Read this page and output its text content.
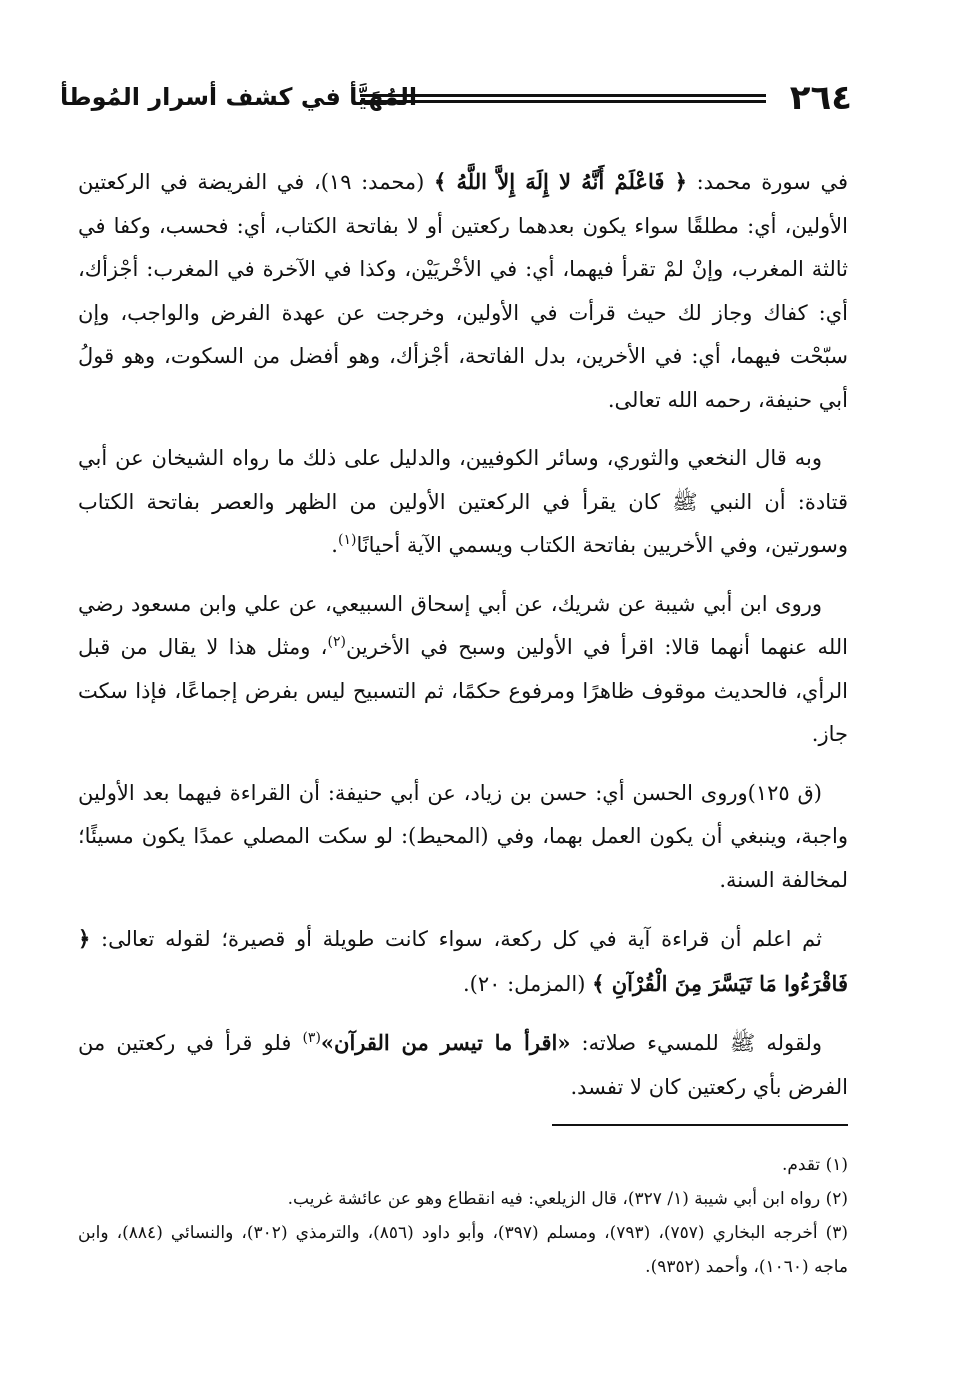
٢٦٤
المُهَيَّأ في كشف أسرار المُوطأ

في سورة محمد: ﴿ فَاعْلَمْ أَنَّهُ لا إِلَهَ إِلاَّ اللَّهُ ﴾ (محمد: ١٩)، في الفريضة في الركعتين الأولين، أي: مطلقًا سواء يكون بعدهما ركعتين أو لا بفاتحة الكتاب، أي: فحسب، وكفا في ثالثة المغرب، وإنْ لمْ تقرأ فيهما، أي: في الأخْريَيْن، وكذا في الآخرة في المغرب: أجْزأك، أي: كفاك وجاز لك حيث قرأت في الأولين، وخرجت عن عهدة الفرض والواجب، وإن سبّحْت فيهما، أي: في الأخرين، بدل الفاتحة، أجْزأك، وهو أفضل من السكوت، وهو قولُ أبي حنيفة، رحمه الله تعالى.

وبه قال النخعي والثوري، وسائر الكوفيين، والدليل على ذلك ما رواه الشيخان عن أبي قتادة: أن النبي ﷺ كان يقرأ في الركعتين الأولين من الظهر والعصر بفاتحة الكتاب وسورتين، وفي الأخريين بفاتحة الكتاب ويسمي الآية أحيانًا$^{(١)}$.

وروى ابن أبي شيبة عن شريك، عن أبي إسحاق السبيعي، عن علي وابن مسعود رضي الله عنهما أنهما قالا: اقرأ في الأولين وسبح في الأخرين$^{(٢)}$، ومثل هذا لا يقال من قبل الرأي، فالحديث موقوف ظاهرًا ومرفوع حكمًا، ثم التسبيح ليس بفرض إجماعًا، فإذا سكت جاز.

(ق ١٢٥)وروى الحسن أي: حسن بن زياد، عن أبي حنيفة: أن القراءة فيهما بعد الأولين واجبة، وينبغي أن يكون العمل بهما، وفي (المحيط): لو سكت المصلي عمدًا يكون مسيئًا؛ لمخالفة السنة.

ثم اعلم أن قراءة آية في كل ركعة، سواء كانت طويلة أو قصيرة؛ لقوله تعالى: ﴿ فَاقْرَءُوا مَا تَيَسَّرَ مِنَ الْقُرْآنِ ﴾ (المزمل: ٢٠).

ولقوله ﷺ للمسيء صلاته: «اقرأ ما تيسر من القرآن»$^{(٣)}$ فلو قرأ في ركعتين من الفرض بأي ركعتين كان لا تفسد.

(١) تقدم.
(٢) رواه ابن أبي شيبة (١/ ٣٢٧)، قال الزيلعي: فيه انقطاع وهو عن عائشة غريب.
(٣) أخرجه البخاري (٧٥٧)، (٧٩٣)، ومسلم (٣٩٧)، وأبو داود (٨٥٦)، والترمذي (٣٠٢)، والنسائي (٨٨٤)، وابن ماجه (١٠٦٠)، وأحمد (٩٣٥٢).
